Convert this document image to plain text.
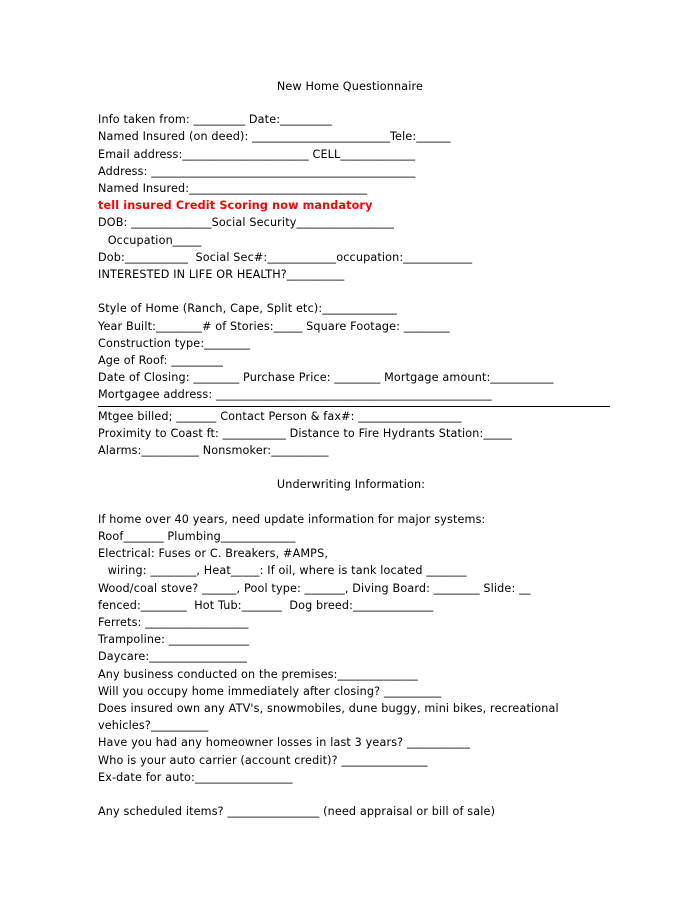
New Home Questionnaire
Info taken from: _________ Date:_________
Named Insured (on deed): ________________________Tele:______
Email address:______________________ CELL_____________
Address: ______________________________________________
Named Insured:_______________________________
tell insured Credit Scoring now mandatory
DOB: ______________Social Security_________________
Occupation_____
Dob:___________  Social Sec#:____________occupation:____________
INTERESTED IN LIFE OR HEALTH?__________
Style of Home (Ranch, Cape, Split etc):_____________
Year Built:________# of Stories:_____ Square Footage: ________
Construction type:________
Age of Roof: _________
Date of Closing: ________ Purchase Price: ________ Mortgage amount:___________
Mortgagee address: ________________________________________________
Mtgee billed; _______ Contact Person & fax#: __________________
Proximity to Coast ft: ___________ Distance to Fire Hydrants Station:_____
Alarms:__________ Nonsmoker:__________
Underwriting Information:
If home over 40 years, need update information for major systems:
Roof_______ Plumbing_____________
Electrical: Fuses or C. Breakers, #AMPS,
wiring: ________, Heat_____: If oil, where is tank located _______
Wood/coal stove? ______, Pool type: _______, Diving Board: ________ Slide: __
fenced:________  Hot Tub:_______  Dog breed:______________
Ferrets: __________________
Trampoline: ______________
Daycare:_________________
Any business conducted on the premises:______________
Will you occupy home immediately after closing? __________
Does insured own any ATV's, snowmobiles, dune buggy, mini bikes, recreational vehicles?__________
Have you had any homeowner losses in last 3 years? ___________
Who is your auto carrier (account credit)? _______________
Ex-date for auto:_________________
Any scheduled items? ________________ (need appraisal or bill of sale)
